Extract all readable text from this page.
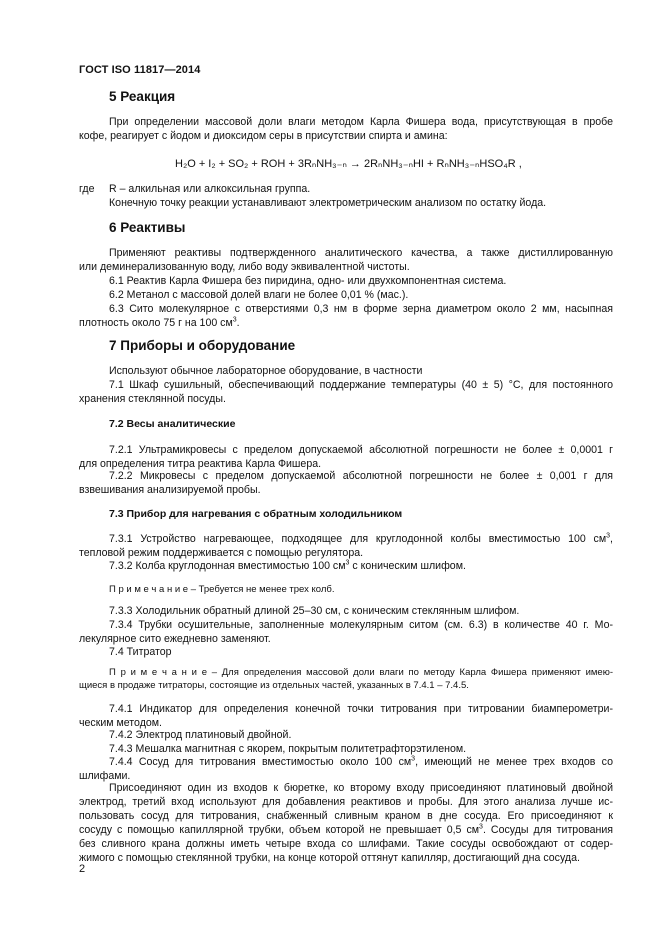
ГОСТ ISO 11817—2014
5 Реакция
При определении массовой доли влаги методом Карла Фишера вода, присутствующая в пробе
кофе, реагирует с йодом и диоксидом серы в присутствии спирта и амина:
H₂O + I₂ + SO₂ + ROH + 3RₙNH₃₋ₙ → 2RₙNH₃₋ₙHI + RₙNH₃₋ₙHSO₄R ,
где R – алкильная или алкоксильная группа.
Конечную точку реакции устанавливают электрометрическим анализом по остатку йода.
6 Реактивы
Применяют реактивы подтвержденного аналитического качества, а также дистиллированную
или деминерализованную воду, либо воду эквивалентной чистоты.
6.1 Реактив Карла Фишера без пиридина, одно- или двухкомпонентная система.
6.2 Метанол с массовой долей влаги не более 0,01 % (мас.).
6.3 Сито молекулярное с отверстиями 0,3 нм в форме зерна диаметром около 2 мм, насыпная
плотность около 75 г на 100 $см^3$.
7 Приборы и оборудование
Используют обычное лабораторное оборудование, в частности
7.1 Шкаф сушильный, обеспечивающий поддержание температуры (40 ± 5) °С, для постоянного
хранения стеклянной посуды.
7.2 Весы аналитические
7.2.1 Ультрамикровесы с пределом допускаемой абсолютной погрешности не более ± 0,0001 г
для определения титра реактива Карла Фишера.
7.2.2 Микровесы с пределом допускаемой абсолютной погрешности не более ± 0,001 г для
взвешивания анализируемой пробы.
7.3 Прибор для нагревания с обратным холодильником
7.3.1 Устройство нагревающее, подходящее для круглодонной колбы вместимостью 100 $см^3$,
тепловой режим поддерживается с помощью регулятора.
7.3.2 Колба круглодонная вместимостью 100 $см^3$ с коническим шлифом.
П р и м е ч а н и е – Требуется не менее трех колб.
7.3.3 Холодильник обратный длиной 25–30 см, с коническим стеклянным шлифом.
7.3.4 Трубки осушительные, заполненные молекулярным ситом (см. 6.3) в количестве 40 г. Мо-
лекулярное сито ежедневно заменяют.
7.4 Титратор
П р и м е ч а н и е – Для определения массовой доли влаги по методу Карла Фишера применяют имею-
щиеся в продаже титраторы, состоящие из отдельных частей, указанных в 7.4.1 – 7.4.5.
7.4.1 Индикатор для определения конечной точки титрования при титровании биамперометри-
ческим методом.
7.4.2 Электрод платиновый двойной.
7.4.3 Мешалка магнитная с якорем, покрытым политетрафторэтиленом.
7.4.4 Сосуд для титрования вместимостью около 100 $см^3$, имеющий не менее трех входов со
шлифами.
Присоединяют один из входов к бюретке, ко второму входу присоединяют платиновый двойной
электрод, третий вход используют для добавления реактивов и пробы. Для этого анализа лучше ис-
пользовать сосуд для титрования, снабженный сливным краном в дне сосуда. Его присоединяют к
сосуду с помощью капиллярной трубки, объем которой не превышает 0,5 $см^3$. Сосуды для титрования
без сливного крана должны иметь четыре входа со шлифами. Такие сосуды освобождают от содер-
жимого с помощью стеклянной трубки, на конце которой оттянут капилляр, достигающий дна сосуда.
2
